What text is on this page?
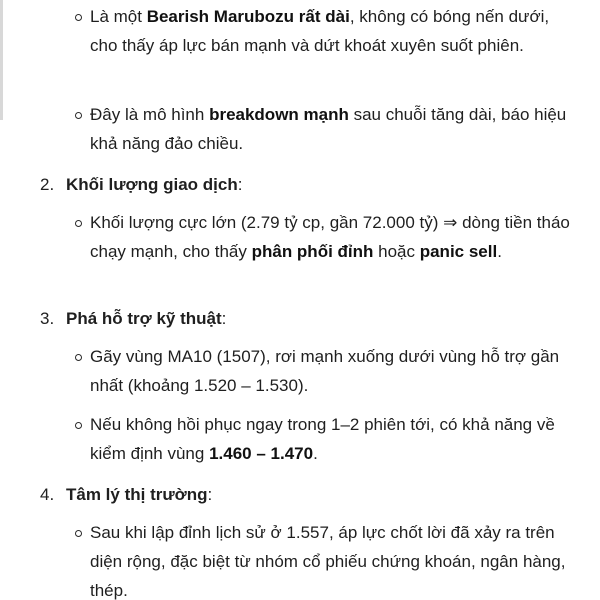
Là một Bearish Marubozu rất dài, không có bóng nến dưới, cho thấy áp lực bán mạnh và dứt khoát xuyên suốt phiên.
Đây là mô hình breakdown mạnh sau chuỗi tăng dài, báo hiệu khả năng đảo chiều.
2. Khối lượng giao dịch:
Khối lượng cực lớn (2.79 tỷ cp, gần 72.000 tỷ) ⇒ dòng tiền tháo chạy mạnh, cho thấy phân phối đỉnh hoặc panic sell.
3. Phá hỗ trợ kỹ thuật:
Gãy vùng MA10 (1507), rơi mạnh xuống dưới vùng hỗ trợ gần nhất (khoảng 1.520 – 1.530).
Nếu không hồi phục ngay trong 1–2 phiên tới, có khả năng về kiểm định vùng 1.460 – 1.470.
4. Tâm lý thị trường:
Sau khi lập đỉnh lịch sử ở 1.557, áp lực chốt lời đã xảy ra trên diện rộng, đặc biệt từ nhóm cổ phiếu chứng khoán, ngân hàng, thép.
